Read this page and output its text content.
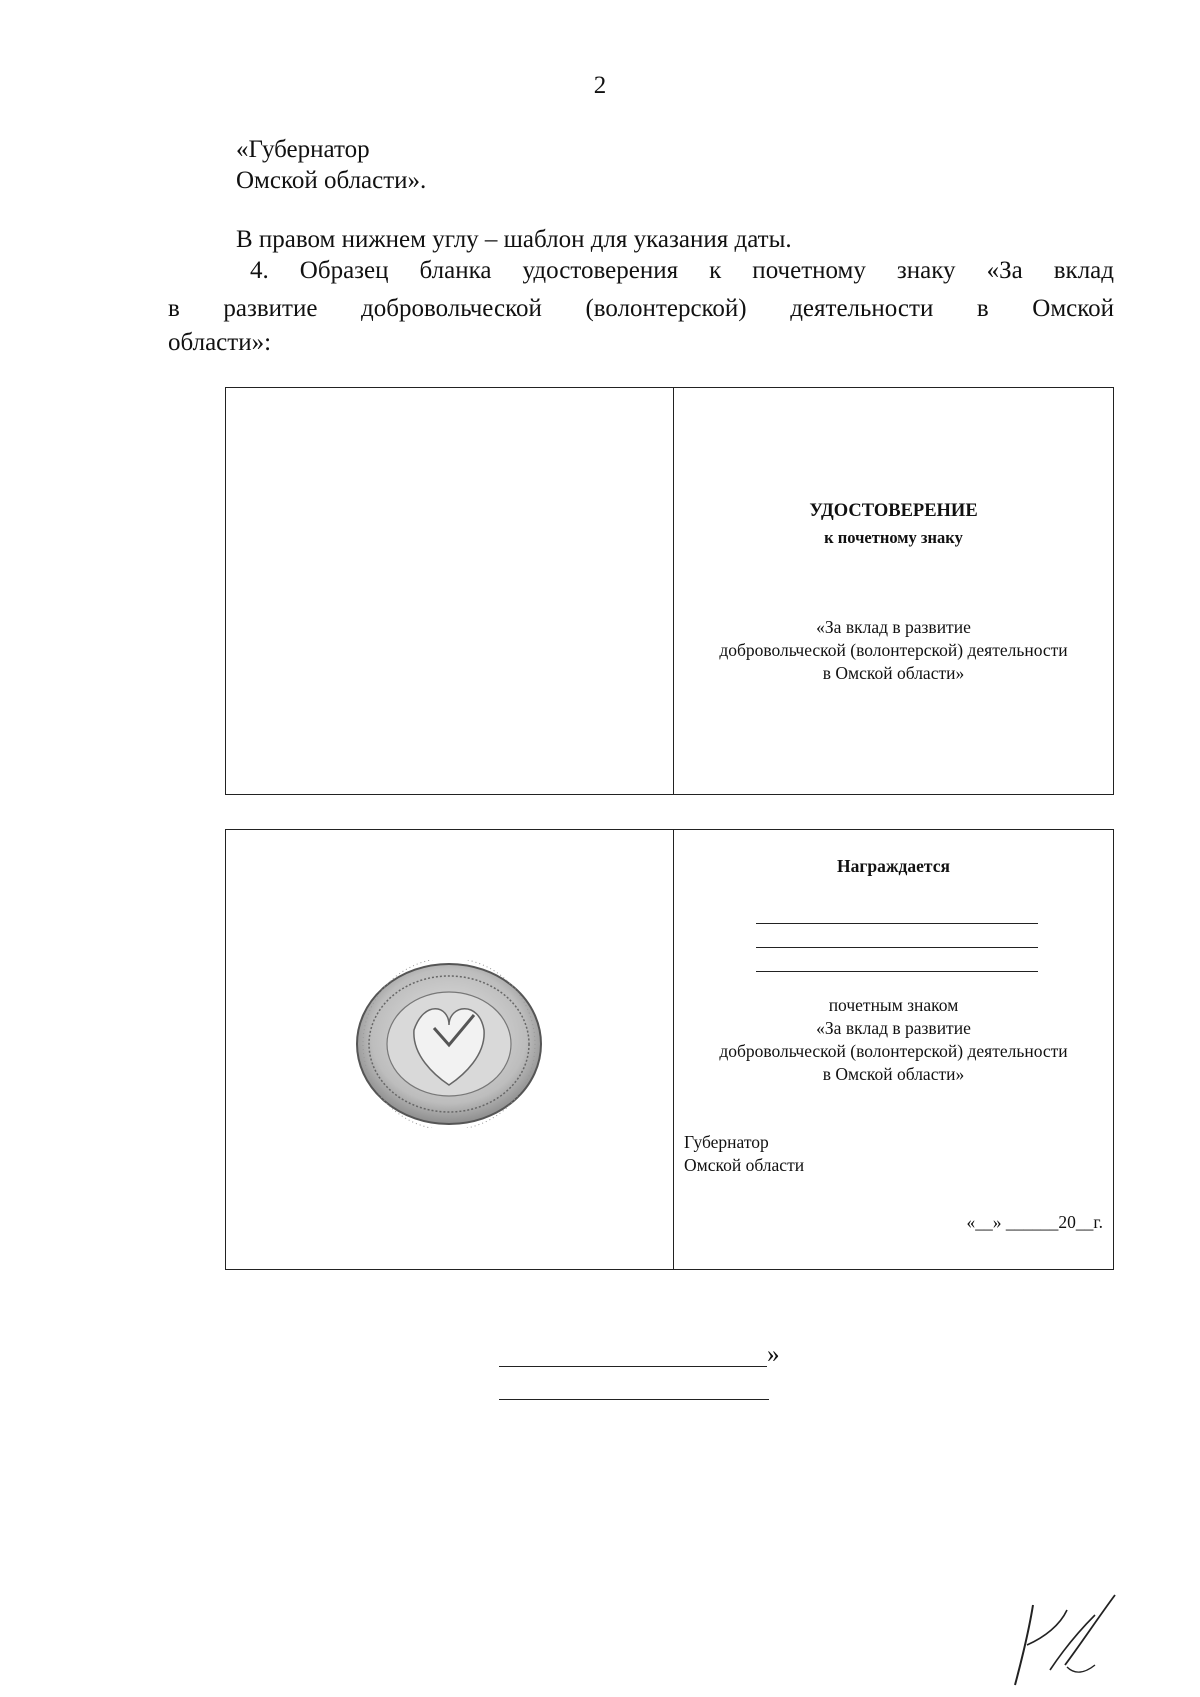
2
«Губернатор
Омской области».
В правом нижнем углу – шаблон для указания даты.
4. Образец бланка удостоверения к почетному знаку «За вклад
в развитие добровольческой (волонтерской) деятельности в Омской
области»:
УДОСТОВЕРЕНИЕ
к почетному знаку
«За вклад в развитие
добровольческой (волонтерской) деятельности
в Омской области»
Награждается
почетным знаком
«За вклад в развитие
добровольческой (волонтерской) деятельности
в Омской области»
Губернатор
Омской области
«__» ______20__г.
»
